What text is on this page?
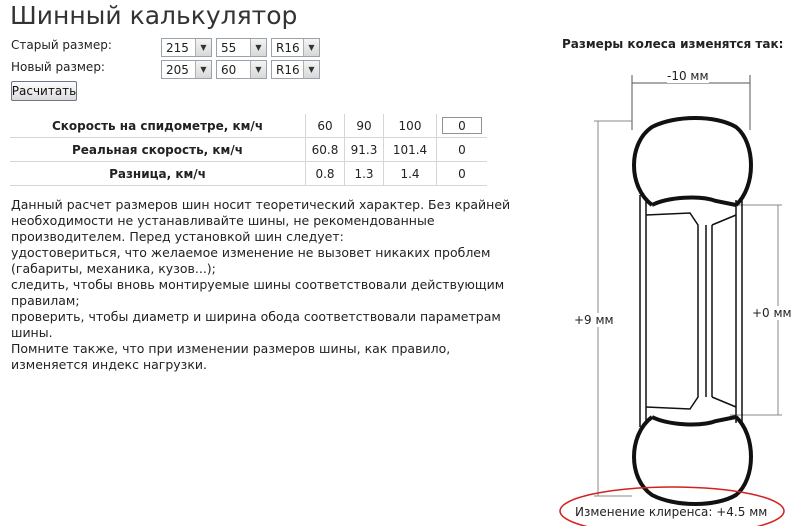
Шинный калькулятор
Старый размер:
Новый размер:
215	▼	55	▼	R16	▼
205	▼	60	▼	R16	▼
Расчитать
Скорость на спидометре, км/ч	60	90	100	0
Реальная скорость, км/ч	60.8	91.3	101.4	0
Разница, км/ч	0.8	1.3	1.4	0

Данный расчет размеров шин носит теоретический характер. Без крайней необходимости не устанавливайте шины, не рекомендованные производителем. Перед установкой шин следует:

удостовериться, что желаемое изменение не вызовет никаких проблем (габариты, механика, кузов...);

следить, чтобы вновь монтируемые шины соответствовали действующим правилам;

проверить, чтобы диаметр и ширина обода соответствовали параметрам шины.

Помните также, что при изменении размеров шины, как правило, изменяется индекс нагрузки.

Размеры колеса изменятся так:
-10 мм
+9 мм	+0 мм
Изменение клиренса: +4.5 мм
